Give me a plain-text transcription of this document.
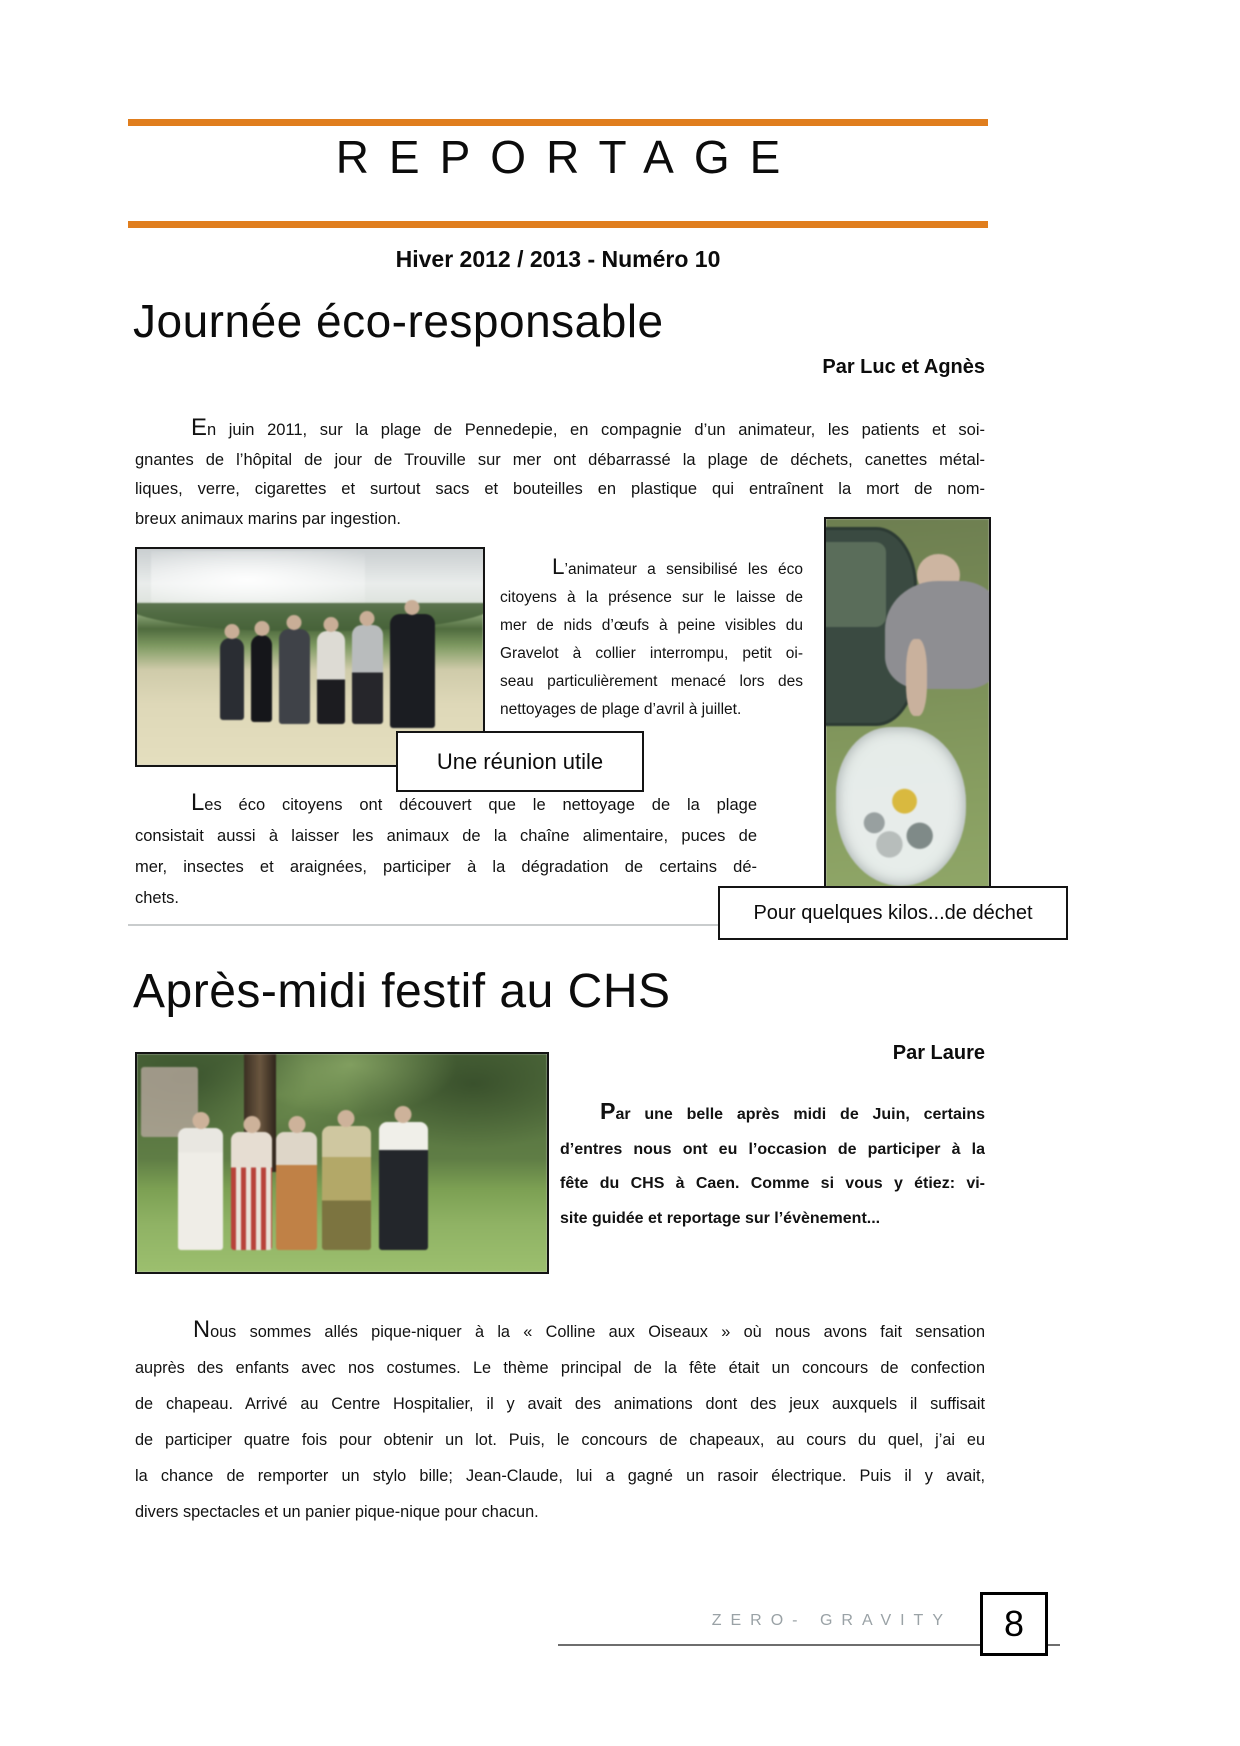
REPORTAGE
Hiver 2012 / 2013 - Numéro 10
Journée éco-responsable
Par Luc et Agnès
En juin 2011, sur la plage de Pennedepie, en compagnie d’un animateur, les patients et soi-
gnantes de l’hôpital de jour de Trouville sur mer ont débarrassé la plage de déchets, canettes métal-
liques, verre, cigarettes et surtout sacs et bouteilles en plastique qui entraînent la mort de nom-
breux animaux marins par ingestion.
L’animateur a sensibilisé les éco
citoyens à la présence sur le laisse de
mer de nids d’œufs à peine visibles du
Gravelot à collier interrompu, petit oi-
seau particulièrement menacé lors des
nettoyages de plage d’avril à juillet.
Une réunion utile
Les éco citoyens ont découvert que le nettoyage de la plage
consistait aussi à laisser les animaux de la chaîne alimentaire, puces de
mer, insectes et araignées, participer à la dégradation de certains dé-
chets.
Pour quelques kilos...de déchet
Après-midi festif au CHS
Par Laure
Par une belle après midi de Juin, certains
d’entres nous ont eu l’occasion de participer à la
fête du CHS à Caen. Comme si vous y étiez: vi-
site guidée et reportage sur l’évènement...
Nous sommes allés pique-niquer à la « Colline aux Oiseaux » où nous avons fait sensation
auprès des enfants avec nos costumes. Le thème principal de la fête était un concours de confection
de chapeau. Arrivé au Centre Hospitalier, il y avait des animations dont des jeux auxquels il suffisait
de participer quatre fois pour obtenir un lot. Puis, le concours de chapeaux, au cours du quel, j’ai eu
la chance de remporter un stylo bille; Jean-Claude, lui a gagné un rasoir électrique. Puis il y avait,
divers spectacles et un panier pique-nique pour chacun.
ZERO- GRAVITY 8
